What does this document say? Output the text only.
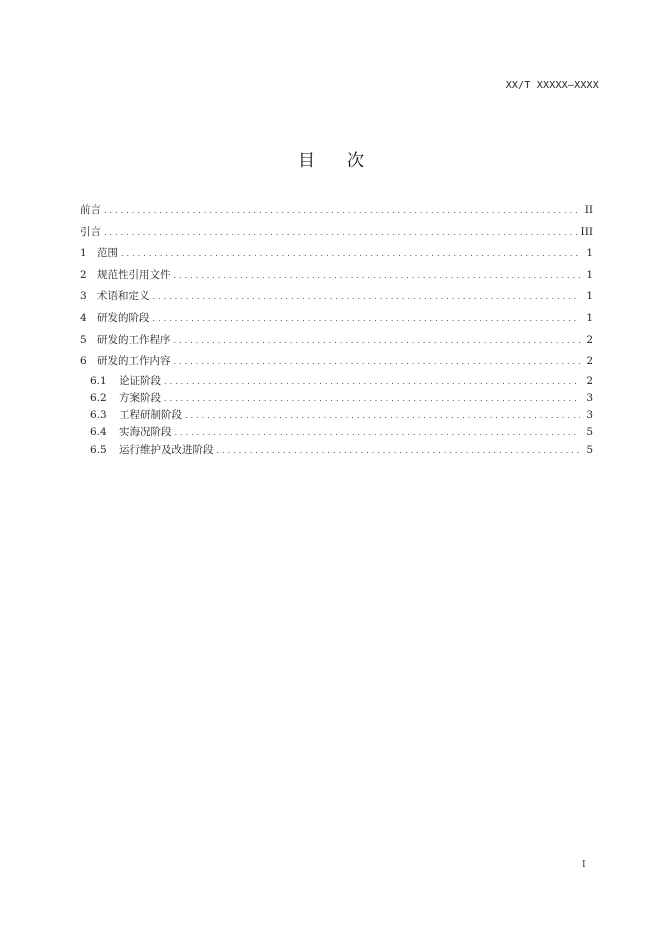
XX/T XXXXX—XXXX
目 次
前言 .....	II
引言 .....	III
1 范围 .....	1
2 规范性引用文件 .....	1
3 术语和定义 .....	1
4 研发的阶段 .....	1
5 研发的工作程序 .....	2
6 研发的工作内容 .....	2
6.1	论证阶段 .....	2
6.2	方案阶段 .....	3
6.3	工程研制阶段 .....	3
6.4	实海况阶段 .....	5
6.5	运行维护及改进阶段 .....	5
I
